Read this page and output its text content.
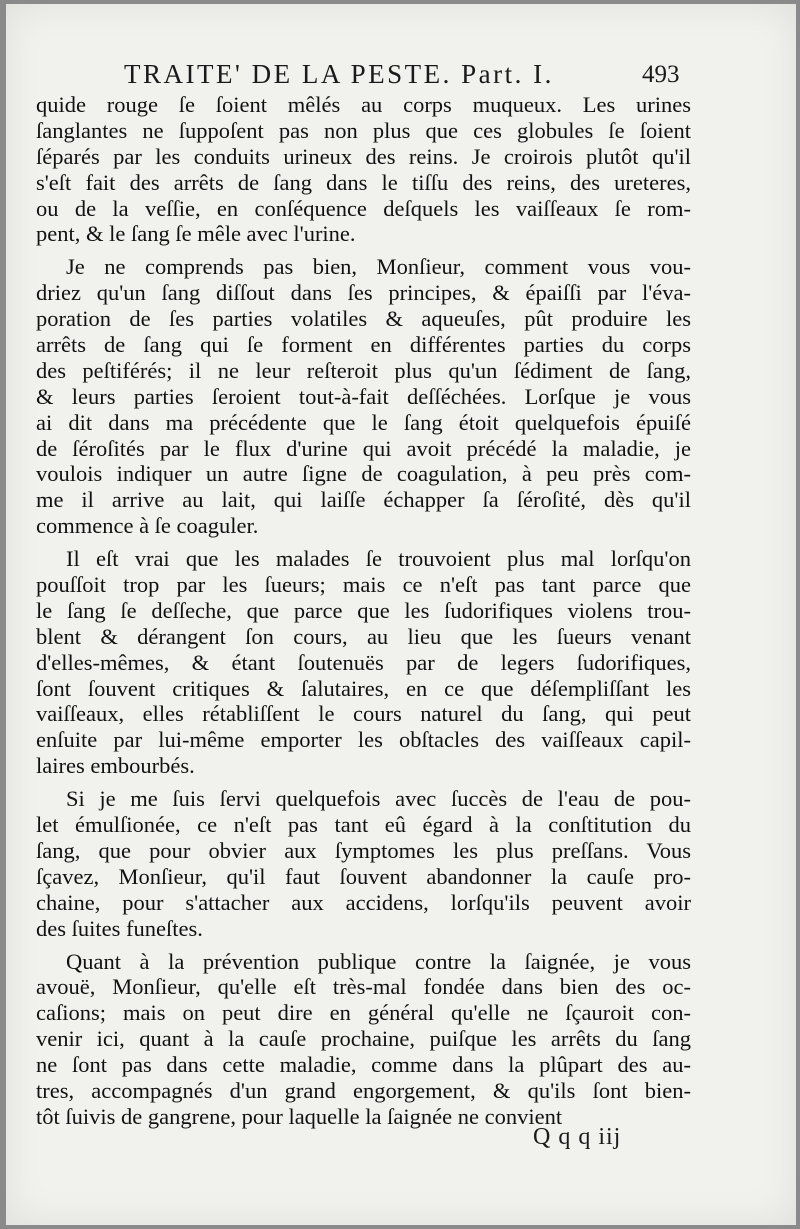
TRAITE' DE LA PESTE. Part. I.	493
quide rouge ſe ſoient mêlés au corps muqueux. Les urines
ſanglantes ne ſuppoſent pas non plus que ces globules ſe ſoient
ſéparés par les conduits urineux des reins. Je croirois plutôt qu'il
s'eſt fait des arrêts de ſang dans le tiſſu des reins, des ureteres,
ou de la veſſie, en conſéquence deſquels les vaiſſeaux ſe rom-
pent, & le ſang ſe mêle avec l'urine.
Je ne comprends pas bien, Monſieur, comment vous vou-
driez qu'un ſang diſſout dans ſes principes, & épaiſſi par l'éva-
poration de ſes parties volatiles & aqueuſes, pût produire les
arrêts de ſang qui ſe forment en différentes parties du corps
des peſtiférés; il ne leur reſteroit plus qu'un ſédiment de ſang,
& leurs parties ſeroient tout-à-fait deſſéchées. Lorſque je vous
ai dit dans ma précédente que le ſang étoit quelquefois épuiſé
de ſéroſités par le flux d'urine qui avoit précédé la maladie, je
voulois indiquer un autre ſigne de coagulation, à peu près com-
me il arrive au lait, qui laiſſe échapper ſa ſéroſité, dès qu'il
commence à ſe coaguler.
Il eſt vrai que les malades ſe trouvoient plus mal lorſqu'on
pouſſoit trop par les ſueurs; mais ce n'eſt pas tant parce que
le ſang ſe deſſeche, que parce que les ſudorifiques violens trou-
blent & dérangent ſon cours, au lieu que les ſueurs venant
d'elles-mêmes, & étant ſoutenuës par de legers ſudorifiques,
ſont ſouvent critiques & ſalutaires, en ce que déſempliſſant les
vaiſſeaux, elles rétabliſſent le cours naturel du ſang, qui peut
enſuite par lui-même emporter les obſtacles des vaiſſeaux capil-
laires embourbés.
Si je me ſuis ſervi quelquefois avec ſuccès de l'eau de pou-
let émulſionée, ce n'eſt pas tant eû égard à la conſtitution du
ſang, que pour obvier aux ſymptomes les plus preſſans. Vous
ſçavez, Monſieur, qu'il faut ſouvent abandonner la cauſe pro-
chaine, pour s'attacher aux accidens, lorſqu'ils peuvent avoir
des ſuites funeſtes.
Quant à la prévention publique contre la ſaignée, je vous
avouë, Monſieur, qu'elle eſt très-mal fondée dans bien des oc-
caſions; mais on peut dire en général qu'elle ne ſçauroit con-
venir ici, quant à la cauſe prochaine, puiſque les arrêts du ſang
ne ſont pas dans cette maladie, comme dans la plûpart des au-
tres, accompagnés d'un grand engorgement, & qu'ils ſont bien-
tôt ſuivis de gangrene, pour laquelle la ſaignée ne convient
Q q q iij
